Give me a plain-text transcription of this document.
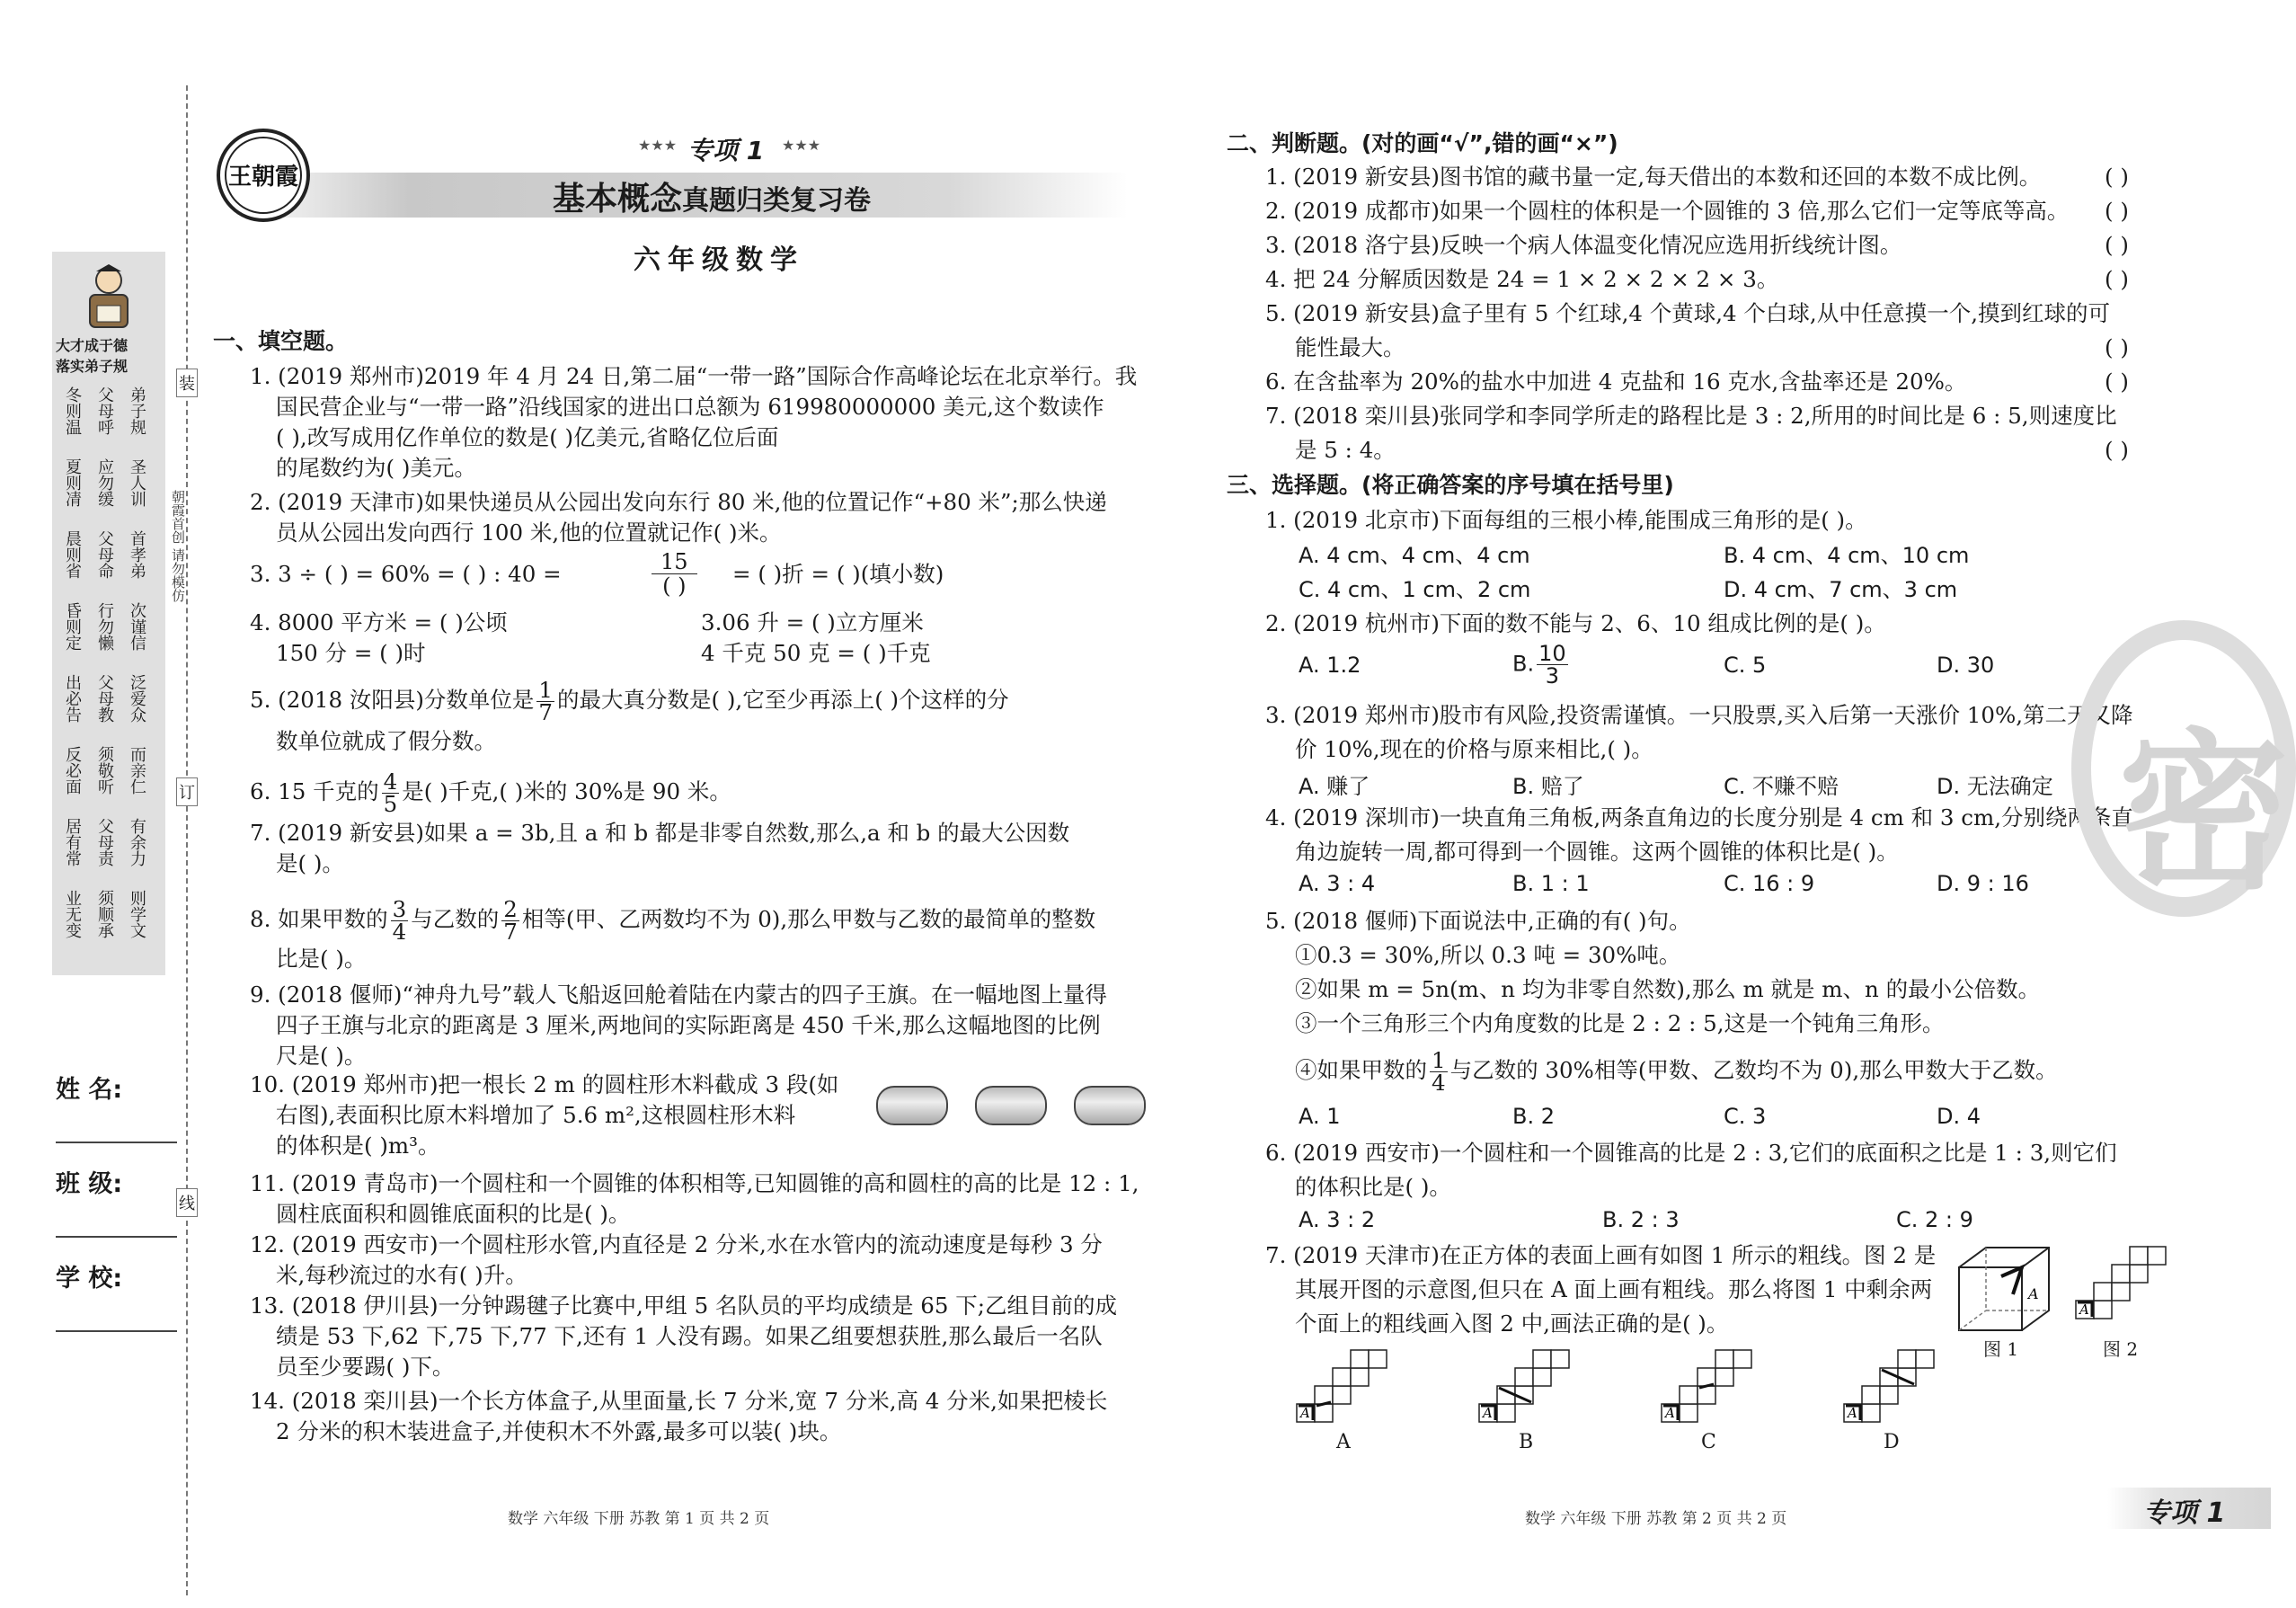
大才成于德
落实弟子规
冬则温 父母呼 弟子规
夏则凊 应勿缓 圣人训
晨则省 父母命 首孝弟
昏则定 行勿懒 次谨信
出必告 父母教 泛爱众
反必面 须敬听 而亲仁
居有常 父母责 有余力
业无变 须顺承 则学文
朝霞首创 请勿模仿
装
订
线
姓 名:
班 级:
学 校:
王朝霞
★★★ 专项 1 ★★★
基本概念真题归类复习卷
六年级数学
一、填空题。
1. (2019 郑州市)2019 年 4 月 24 日,第二届“一带一路”国际合作高峰论坛在北京举行。我
国民营企业与“一带一路”沿线国家的进出口总额为 619980000000 美元,这个数读作
( ),改写成用亿作单位的数是( )亿美元,省略亿位后面
的尾数约为( )美元。
2. (2019 天津市)如果快递员从公园出发向东行 80 米,他的位置记作“+80 米”;那么快递
员从公园出发向西行 100 米,他的位置就记作( )米。
7. (2019 新安县)如果 a = 3b,且 a 和 b 都是非零自然数,那么,a 和 b 的最大公因数
是( )。
9. (2018 偃师)“神舟九号”载人飞船返回舱着陆在内蒙古的四子王旗。在一幅地图上量得
四子王旗与北京的距离是 3 厘米,两地间的实际距离是 450 千米,那么这幅地图的比例
尺是( )。
10. (2019 郑州市)把一根长 2 m 的圆柱形木料截成 3 段(如
右图),表面积比原木料增加了 5.6 m²,这根圆柱形木料
的体积是( )m³。
11. (2019 青岛市)一个圆柱和一个圆锥的体积相等,已知圆锥的高和圆柱的高的比是 12 : 1,
圆柱底面积和圆锥底面积的比是( )。
12. (2019 西安市)一个圆柱形水管,内直径是 2 分米,水在水管内的流动速度是每秒 3 分
米,每秒流过的水有( )升。
13. (2018 伊川县)一分钟踢毽子比赛中,甲组 5 名队员的平均成绩是 65 下;乙组目前的成
绩是 53 下,62 下,75 下,77 下,还有 1 人没有踢。如果乙组要想获胜,那么最后一名队
员至少要踢( )下。
14. (2018 栾川县)一个长方体盒子,从里面量,长 7 分米,宽 7 分米,高 4 分米,如果把棱长
2 分米的积木装进盒子,并使积木不外露,最多可以装( )块。
3. 3 ÷ ( ) = 60% = ( ) : 40 =	15
( )	= ( )折 = ( )(填小数)
4. 8000 平方米 = ( )公顷	3.06 升 = ( )立方厘米
150 分 = ( )时	4 千克 50 克 = ( )千克
5. (2018 汝阳县)分数单位是 $\frac{1}{7}$ 的最大真分数是( ),它至少再添上( )个这样的分
数单位就成了假分数。
6. 15 千克的 $\frac{4}{5}$ 是( )千克,( )米的 30%是 90 米。
8. 如果甲数的 $\frac{3}{4}$ 与乙数的 $\frac{2}{7}$ 相等(甲、乙两数均不为 0),那么甲数与乙数的最简单的整数
比是( )。
数学 六年级 下册 苏教 第 1 页 共 2 页
二、判断题。(对的画“√”,错的画“×”)
1. (2019 新安县)图书馆的藏书量一定,每天借出的本数和还回的本数不成比例。	( )
2. (2019 成都市)如果一个圆柱的体积是一个圆锥的 3 倍,那么它们一定等底等高。 ( )
3. (2018 洛宁县)反映一个病人体温变化情况应选用折线统计图。	( )
4. 把 24 分解质因数是 24 = 1 × 2 × 2 × 2 × 3。	( )
5. (2019 新安县)盒子里有 5 个红球,4 个黄球,4 个白球,从中任意摸一个,摸到红球的可
能性最大。	( )
6. 在含盐率为 20%的盐水中加进 4 克盐和 16 克水,含盐率还是 20%。	( )
7. (2018 栾川县)张同学和李同学所走的路程比是 3 : 2,所用的时间比是 6 : 5,则速度比
是 5 : 4。	( )
三、选择题。(将正确答案的序号填在括号里)
1. (2019 北京市)下面每组的三根小棒,能围成三角形的是( )。
A. 4 cm、4 cm、4 cm	B. 4 cm、4 cm、10 cm
C. 4 cm、1 cm、2 cm	D. 4 cm、7 cm、3 cm
2. (2019 杭州市)下面的数不能与 2、6、10 组成比例的是( )。
A. 1.2	B. $\frac{10}{3}$	C. 5	D. 30
3. (2019 郑州市)股市有风险,投资需谨慎。一只股票,买入后第一天涨价 10%,第二天又降
价 10%,现在的价格与原来相比,( )。
A. 赚了	B. 赔了	C. 不赚不赔	D. 无法确定
4. (2019 深圳市)一块直角三角板,两条直角边的长度分别是 4 cm 和 3 cm,分别绕两条直
角边旋转一周,都可得到一个圆锥。这两个圆锥的体积比是( )。
A. 3 : 4	B. 1 : 1	C. 16 : 9	D. 9 : 16
5. (2018 偃师)下面说法中,正确的有( )句。
①0.3 = 30%,所以 0.3 吨 = 30%吨。
②如果 m = 5n(m、n 均为非零自然数),那么 m 就是 m、n 的最小公倍数。
③一个三角形三个内角度数的比是 2 : 2 : 5,这是一个钝角三角形。
④如果甲数的 $\frac{1}{4}$ 与乙数的 30%相等(甲数、乙数均不为 0),那么甲数大于乙数。
A. 1	B. 2	C. 3	D. 4
6. (2019 西安市)一个圆柱和一个圆锥高的比是 2 : 3,它们的底面积之比是 1 : 3,则它们
的体积比是( )。
A. 3 : 2	B. 2 : 3	C. 2 : 9
7. (2019 天津市)在正方体的表面上画有如图 1 所示的粗线。图 2 是
其展开图的示意图,但只在 A 面上画有粗线。那么将图 1 中剩余两
个面上的粗线画入图 2 中,画法正确的是( )。
A
图 1
A
图 2
A	A	A	A
A	B	C	D
密
数学 六年级 下册 苏教 第 2 页 共 2 页	专项 1
